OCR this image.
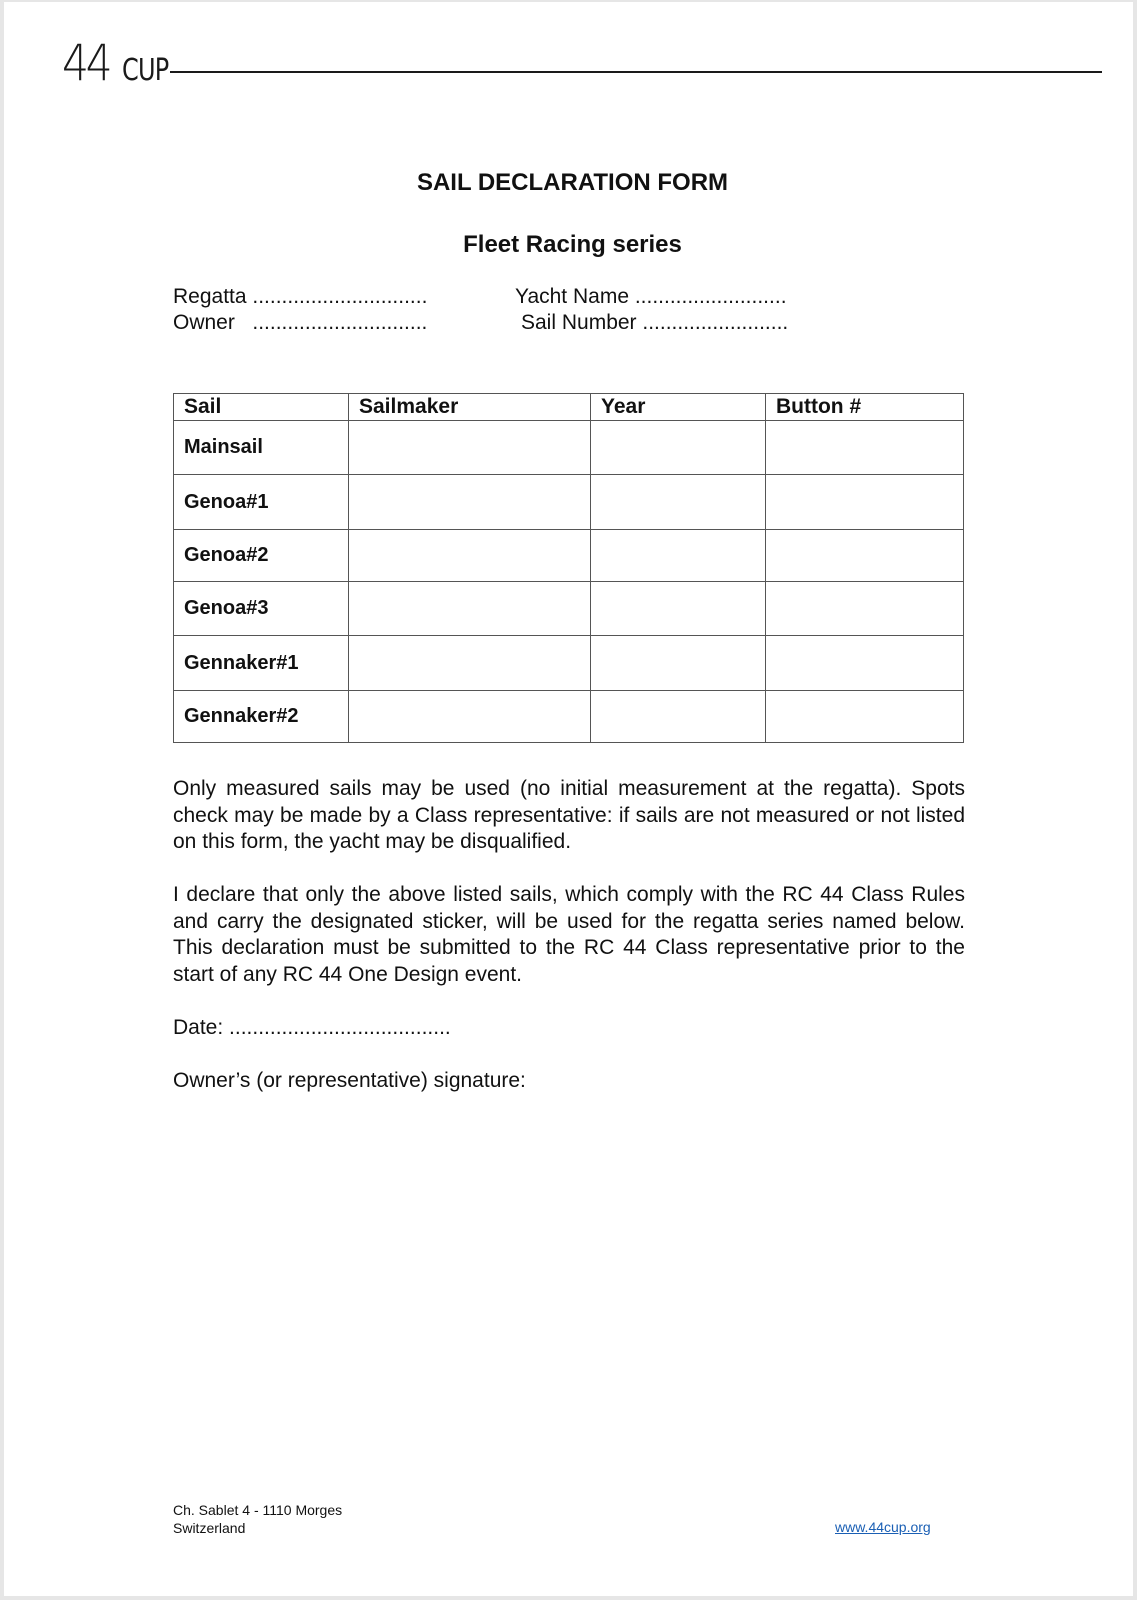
44 CUP
SAIL DECLARATION FORM
Fleet Racing series
Regatta ..............................
Owner   ..............................
Yacht Name ..........................
Sail Number .........................
Sail	Sailmaker	Year	Button #
Mainsail			
Genoa#1			
Genoa#2			
Genoa#3			
Gennaker#1			
Gennaker#2			
Only measured sails may be used (no initial measurement at the regatta). Spots check may be made by a Class representative: if sails are not measured or not listed on this form, the yacht may be disqualified.
I declare that only the above listed sails, which comply with the RC 44 Class Rules and carry the designated sticker, will be used for the regatta series named below. This declaration must be submitted to the RC 44 Class representative prior to the start of any RC 44 One Design event.
Date: ......................................
Owner’s (or representative) signature:
Ch. Sablet 4 - 1110 Morges
Switzerland	www.44cup.org
